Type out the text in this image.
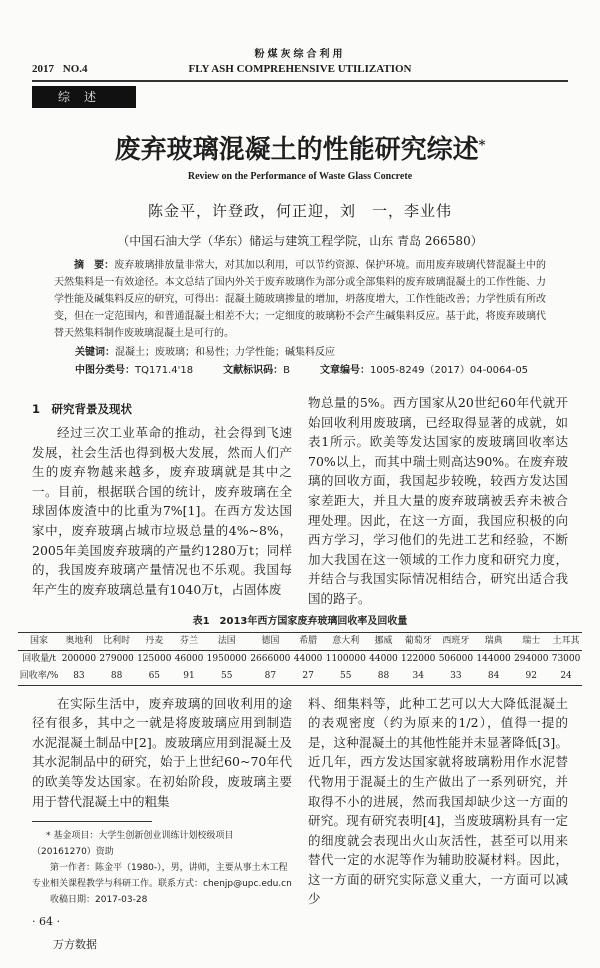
粉煤灰综合利用
2017 NO.4	FLY ASH COMPREHENSIVE UTILIZATION
综述
废弃玻璃混凝土的性能研究综述*
Review on the Performance of Waste Glass Concrete
陈金平，许登政，何正迎，刘　一，李业伟
（中国石油大学（华东）储运与建筑工程学院，山东 青岛 266580）
摘　要：废弃玻璃排放量非常大，对其加以利用，可以节约资源、保护环境。而用废弃玻璃代替混凝土中的天然集料是一有效途径。本文总结了国内外关于废弃玻璃作为部分或全部集料的废弃玻璃混凝土的工作性能、力学性能及碱集料反应的研究，可得出：混凝土随玻璃掺量的增加，坍落度增大，工作性能改善；力学性质有所改变，但在一定范围内，和普通混凝土相差不大；一定细度的玻璃粉不会产生碱集料反应。基于此，将废弃玻璃代替天然集料制作废玻璃混凝土是可行的。
关键词：混凝土；废玻璃；和易性；力学性能；碱集料反应
中图分类号：TQ171.4'18	文献标识码：B	文章编号：1005-8249（2017）04-0064-05
1　研究背景及现状

经过三次工业革命的推动，社会得到飞速发展，社会生活也得到极大发展，然而人们产生的废弃物越来越多，废弃玻璃就是其中之一。目前，根据联合国的统计，废弃玻璃在全球固体废渣中的比重为7%[1]。在西方发达国家中，废弃玻璃占城市垃圾总量的4%~8%，2005年美国废弃玻璃的产量约1280万t；同样的，我国废弃玻璃产量情况也不乐观。我国每年产生的废弃玻璃总量有1040万t，占固体废

物总量的5%。西方国家从20世纪60年代就开始回收利用废玻璃，已经取得显著的成就，如表1所示。欧美等发达国家的废玻璃回收率达70%以上，而其中瑞士则高达90%。在废弃玻璃的回收方面，我国起步较晚，较西方发达国家差距大，并且大量的废弃玻璃被丢弃未被合理处理。因此，在这一方面，我国应积极的向西方学习，学习他们的先进工艺和经验，不断加大我国在这一领域的工作力度和研究力度，并结合与我国实际情况相结合，研究出适合我国的路子。

表1　2013年西方国家废弃玻璃回收率及回收量
国家	奥地利	比利时	丹麦	芬兰	法国	德国	希腊	意大利	挪威	葡萄牙	西班牙	瑞典	瑞士	土耳其
回收量/t	200000	279000	125000	46000	1950000	2666000	44000	1100000	44000	122000	506000	144000	294000	73000
回收率/%	83	88	65	91	55	87	27	55	88	34	33	84	92	24

在实际生活中，废弃玻璃的回收利用的途径有很多，其中之一就是将废玻璃应用到制造水泥混凝土制品中[2]。废玻璃应用到混凝土及其水泥制品中的研究，始于上世纪60~70年代的欧美等发达国家。在初始阶段，废玻璃主要用于替代混凝土中的粗集

* 基金项目：大学生创新创业训练计划校级项目（20161270）资助
第一作者：陈金平（1980-），男，讲师，主要从事土木工程专业相关课程教学与科研工作。联系方式：chenjp@upc.edu.cn
收稿日期：2017-03-28
· 64 ·
万方数据

料、细集料等，此种工艺可以大大降低混凝土的表观密度（约为原来的1/2），值得一提的是，这种混凝土的其他性能并未显著降低[3]。近几年，西方发达国家就将玻璃粉用作水泥替代物用于混凝土的生产做出了一系列研究，并取得不小的进展，然而我国却缺少这一方面的研究。现有研究表明[4]，当废玻璃粉具有一定的细度就会表现出火山灰活性，甚至可以用来替代一定的水泥等作为辅助胶凝材料。因此，这一方面的研究实际意义重大，一方面可以减少
